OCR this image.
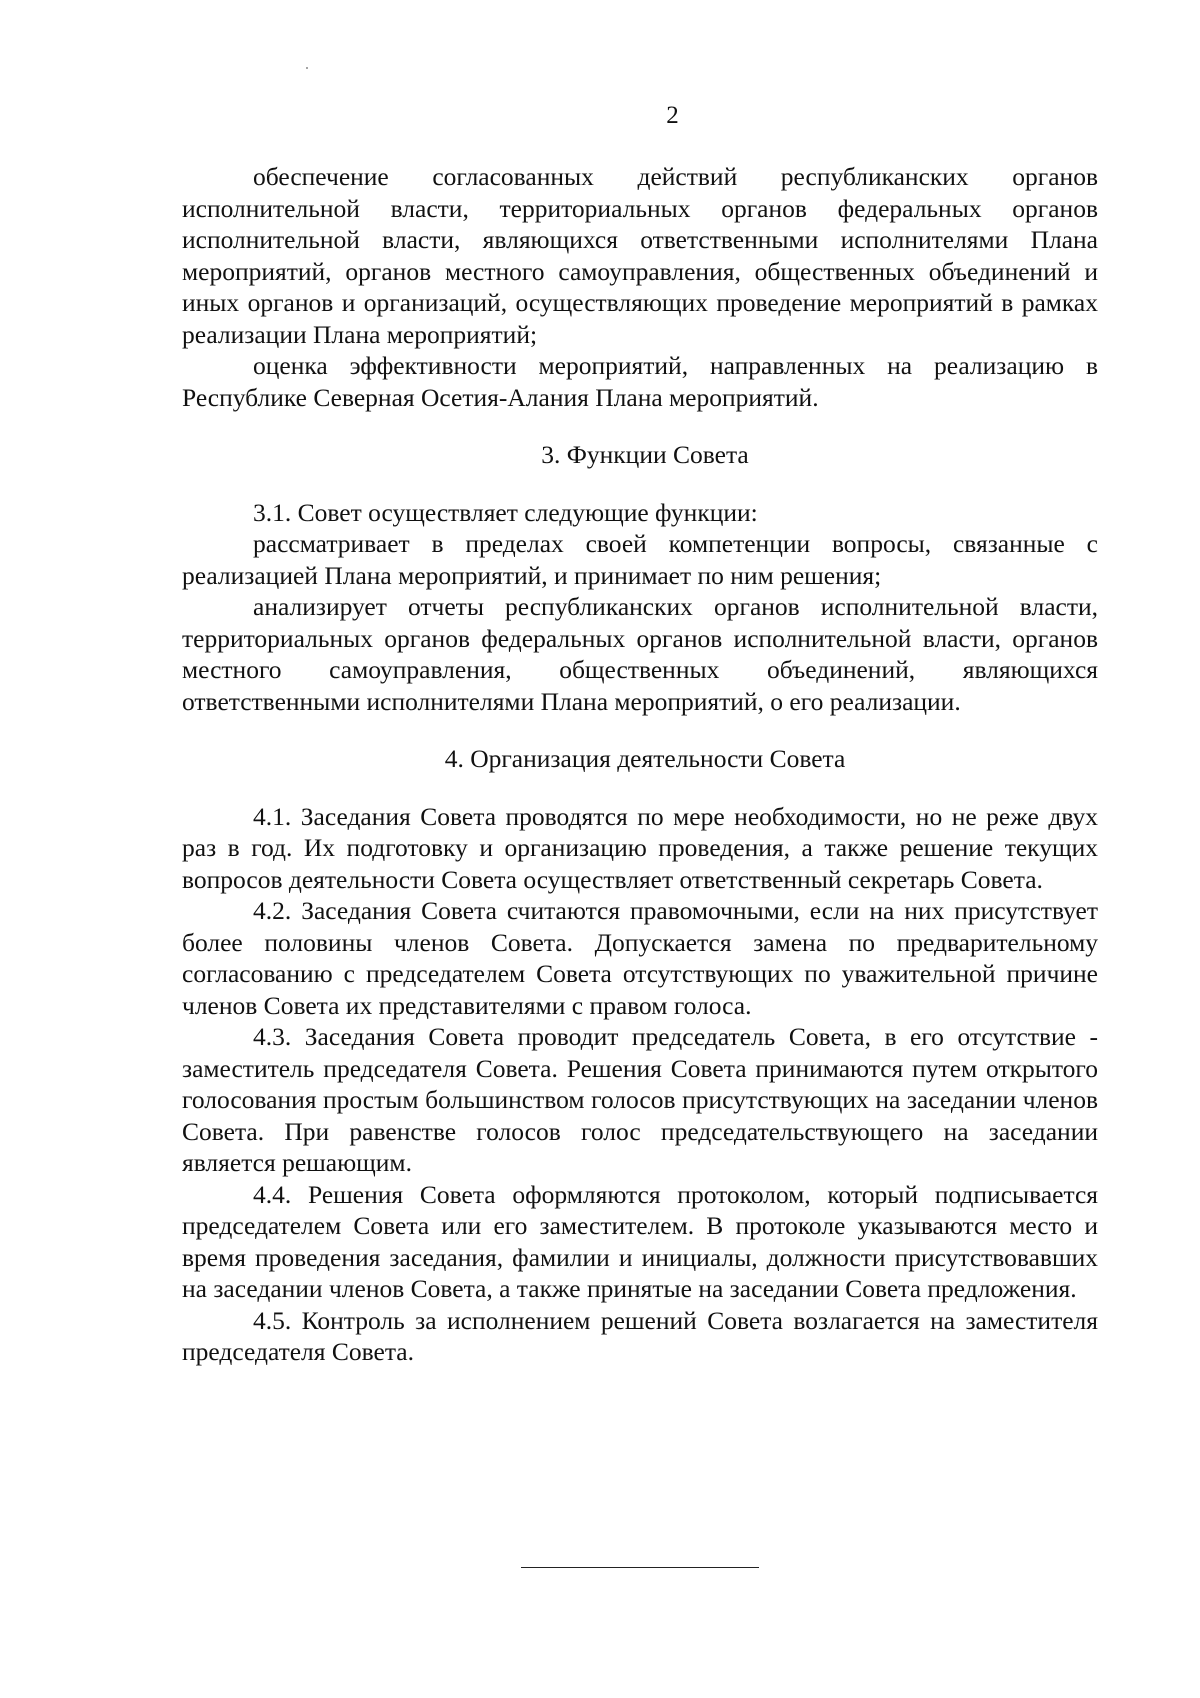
2

обеспечение согласованных действий республиканских органов исполнительной власти, территориальных органов федеральных органов исполнительной власти, являющихся ответственными исполнителями Плана мероприятий, органов местного самоуправления, общественных объединений и иных органов и организаций, осуществляющих проведение мероприятий в рамках реализации Плана мероприятий;

оценка эффективности мероприятий, направленных на реализацию в Республике Северная Осетия-Алания Плана мероприятий.

3. Функции Совета

3.1. Совет осуществляет следующие функции:

рассматривает в пределах своей компетенции вопросы, связанные с реализацией Плана мероприятий, и принимает по ним решения;

анализирует отчеты республиканских органов исполнительной власти, территориальных органов федеральных органов исполнительной власти, органов местного самоуправления, общественных объединений, являющихся ответственными исполнителями Плана мероприятий, о его реализации.

4. Организация деятельности Совета

4.1. Заседания Совета проводятся по мере необходимости, но не реже двух раз в год. Их подготовку и организацию проведения, а также решение текущих вопросов деятельности Совета осуществляет ответственный секретарь Совета.

4.2. Заседания Совета считаются правомочными, если на них присутствует более половины членов Совета. Допускается замена по предварительному согласованию с председателем Совета отсутствующих по уважительной причине членов Совета их представителями с правом голоса.

4.3. Заседания Совета проводит председатель Совета, в его отсутствие - заместитель председателя Совета. Решения Совета принимаются путем открытого голосования простым большинством голосов присутствующих на заседании членов Совета. При равенстве голосов голос председательствующего на заседании является решающим.

4.4. Решения Совета оформляются протоколом, который подписывается председателем Совета или его заместителем. В протоколе указываются место и время проведения заседания, фамилии и инициалы, должности присутствовавших на заседании членов Совета, а также принятые на заседании Совета предложения.

4.5. Контроль за исполнением решений Совета возлагается на заместителя председателя Совета.
